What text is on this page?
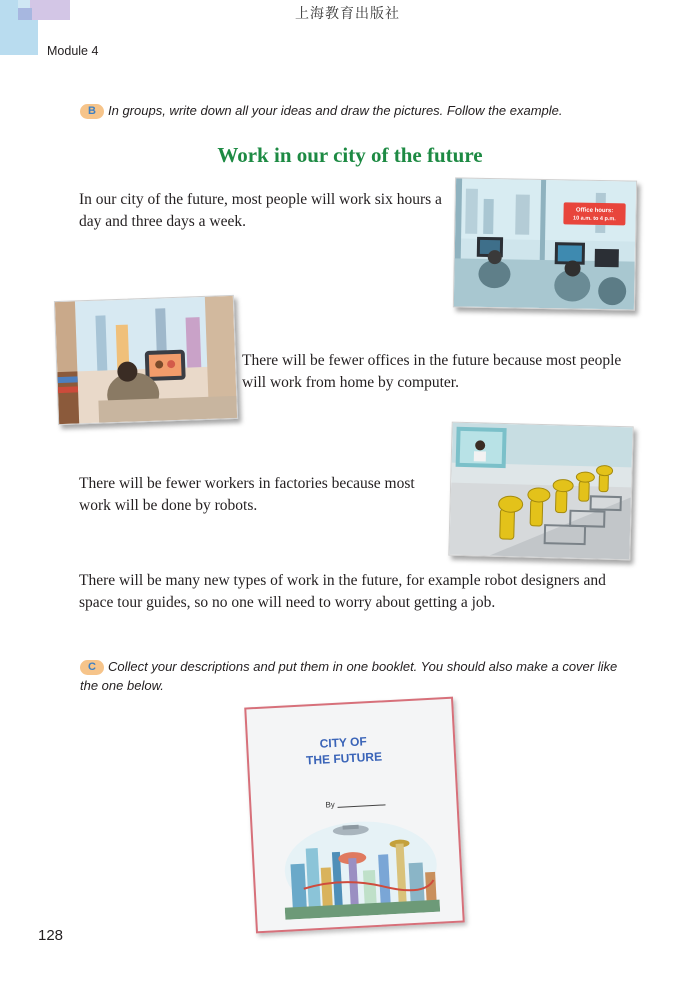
上海教育出版社
Module 4
B In groups, write down all your ideas and draw the pictures. Follow the example.
Work in our city of the future
In our city of the future, most people will work six hours a day and three days a week.
Office hours:
10 a.m. to 4 p.m.
There will be fewer offices in the future because most people will work from home by computer.
There will be fewer workers in factories because most work will be done by robots.
There will be many new types of work in the future, for example robot designers and space tour guides, so no one will need to worry about getting a job.
C Collect your descriptions and put them in one booklet. You should also make a cover like the one below.
CITY OF
THE FUTURE
By
128
